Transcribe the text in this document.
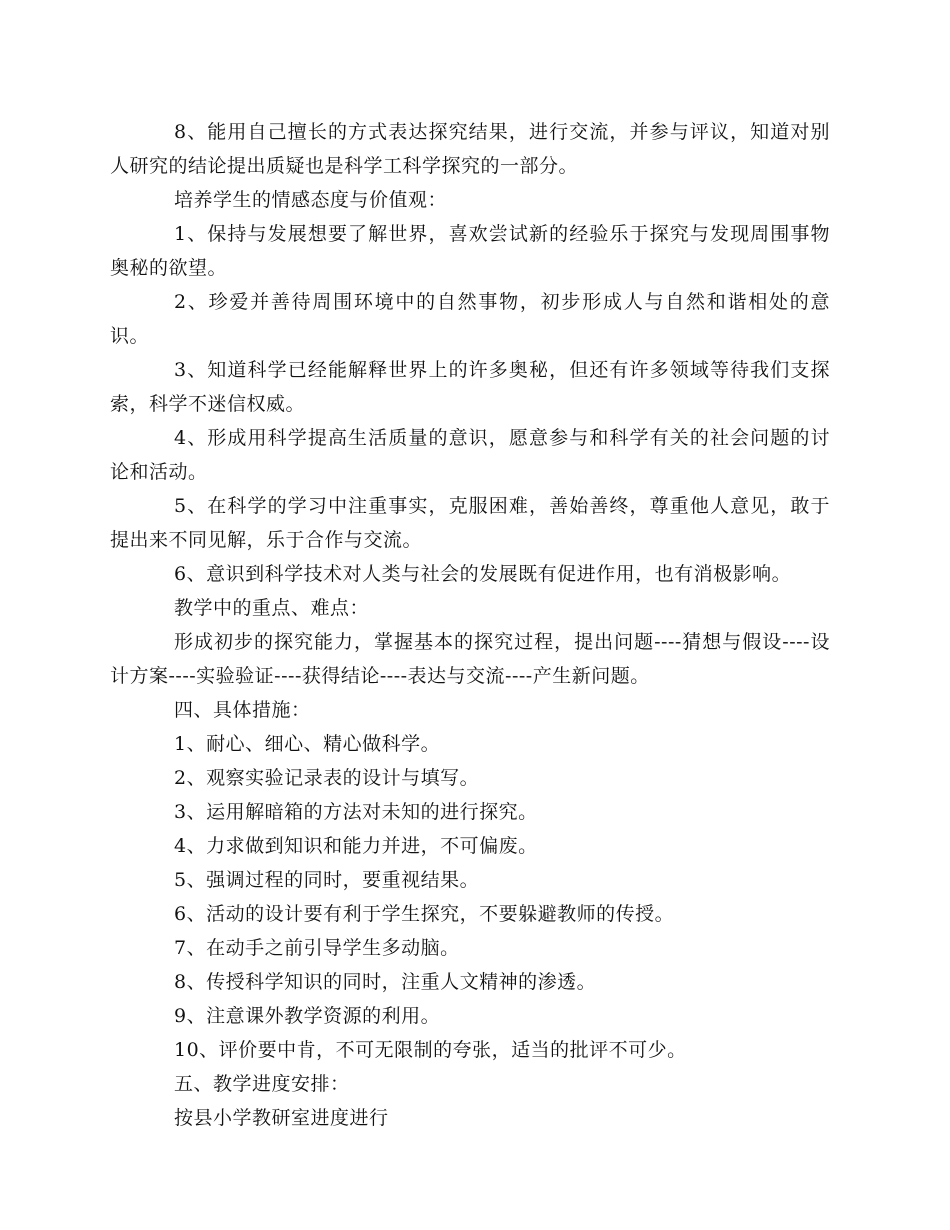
8、能用自己擅长的方式表达探究结果，进行交流，并参与评议，知道对别人研究的结论提出质疑也是科学工科学探究的一部分。

培养学生的情感态度与价值观：

1、保持与发展想要了解世界，喜欢尝试新的经验乐于探究与发现周围事物奥秘的欲望。

2、珍爱并善待周围环境中的自然事物，初步形成人与自然和谐相处的意识。

3、知道科学已经能解释世界上的许多奥秘，但还有许多领域等待我们支探索，科学不迷信权威。

4、形成用科学提高生活质量的意识，愿意参与和科学有关的社会问题的讨论和活动。

5、在科学的学习中注重事实，克服困难，善始善终，尊重他人意见，敢于提出来不同见解，乐于合作与交流。

6、意识到科学技术对人类与社会的发展既有促进作用，也有消极影响。

教学中的重点、难点：

形成初步的探究能力，掌握基本的探究过程，提出问题----猜想与假设----设计方案----实验验证----获得结论----表达与交流----产生新问题。

四、具体措施：

1、耐心、细心、精心做科学。

2、观察实验记录表的设计与填写。

3、运用解暗箱的方法对未知的进行探究。

4、力求做到知识和能力并进，不可偏废。

5、强调过程的同时，要重视结果。

6、活动的设计要有利于学生探究，不要躲避教师的传授。

7、在动手之前引导学生多动脑。

8、传授科学知识的同时，注重人文精神的渗透。

9、注意课外教学资源的利用。

10、评价要中肯，不可无限制的夸张，适当的批评不可少。

五、教学进度安排：

按县小学教研室进度进行
